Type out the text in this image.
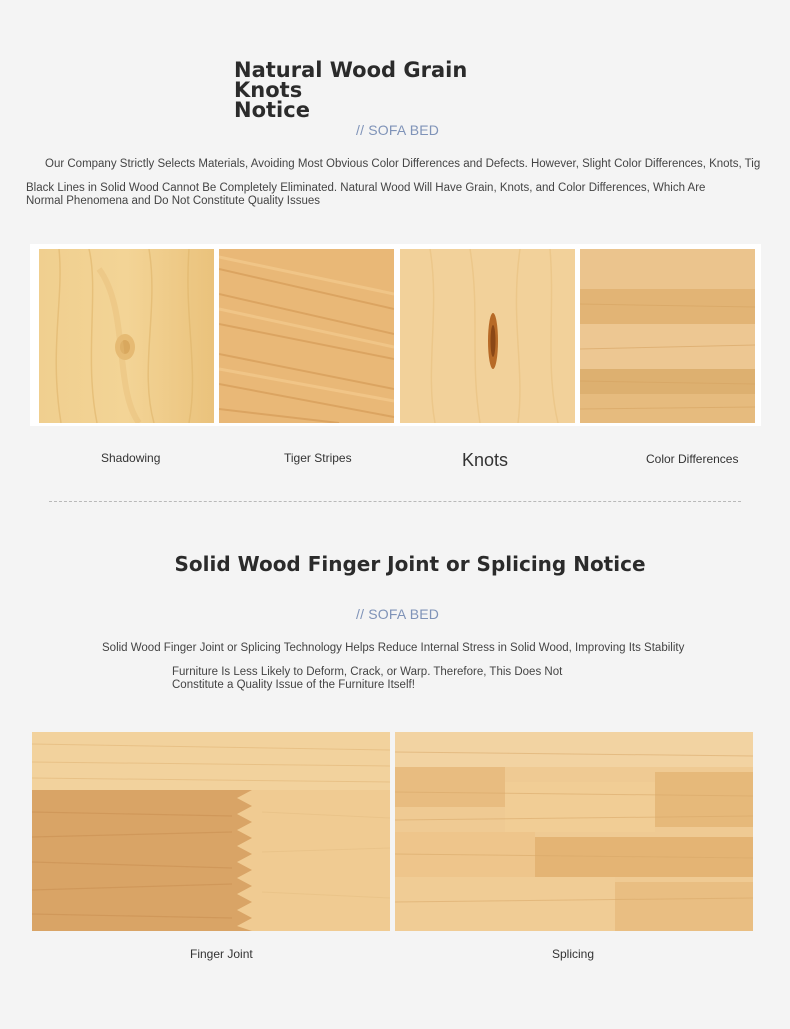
Natural Wood Grain Knots
Notice
// SOFA BED
Our Company Strictly Selects Materials, Avoiding Most Obvious Color Differences and Defects. However, Slight Color Differences, Knots, Tig
Black Lines in Solid Wood Cannot Be Completely Eliminated. Natural Wood Will Have Grain, Knots, and Color Differences, Which Are
Normal Phenomena and Do Not Constitute Quality Issues
Shadowing	Tiger Stripes	Knots	Color Differences
Solid Wood Finger Joint or Splicing Notice
// SOFA BED
Solid Wood Finger Joint or Splicing Technology Helps Reduce Internal Stress in Solid Wood, Improving Its Stability
Furniture Is Less Likely to Deform, Crack, or Warp. Therefore, This Does Not
Constitute a Quality Issue of the Furniture Itself!
Finger Joint	Splicing
